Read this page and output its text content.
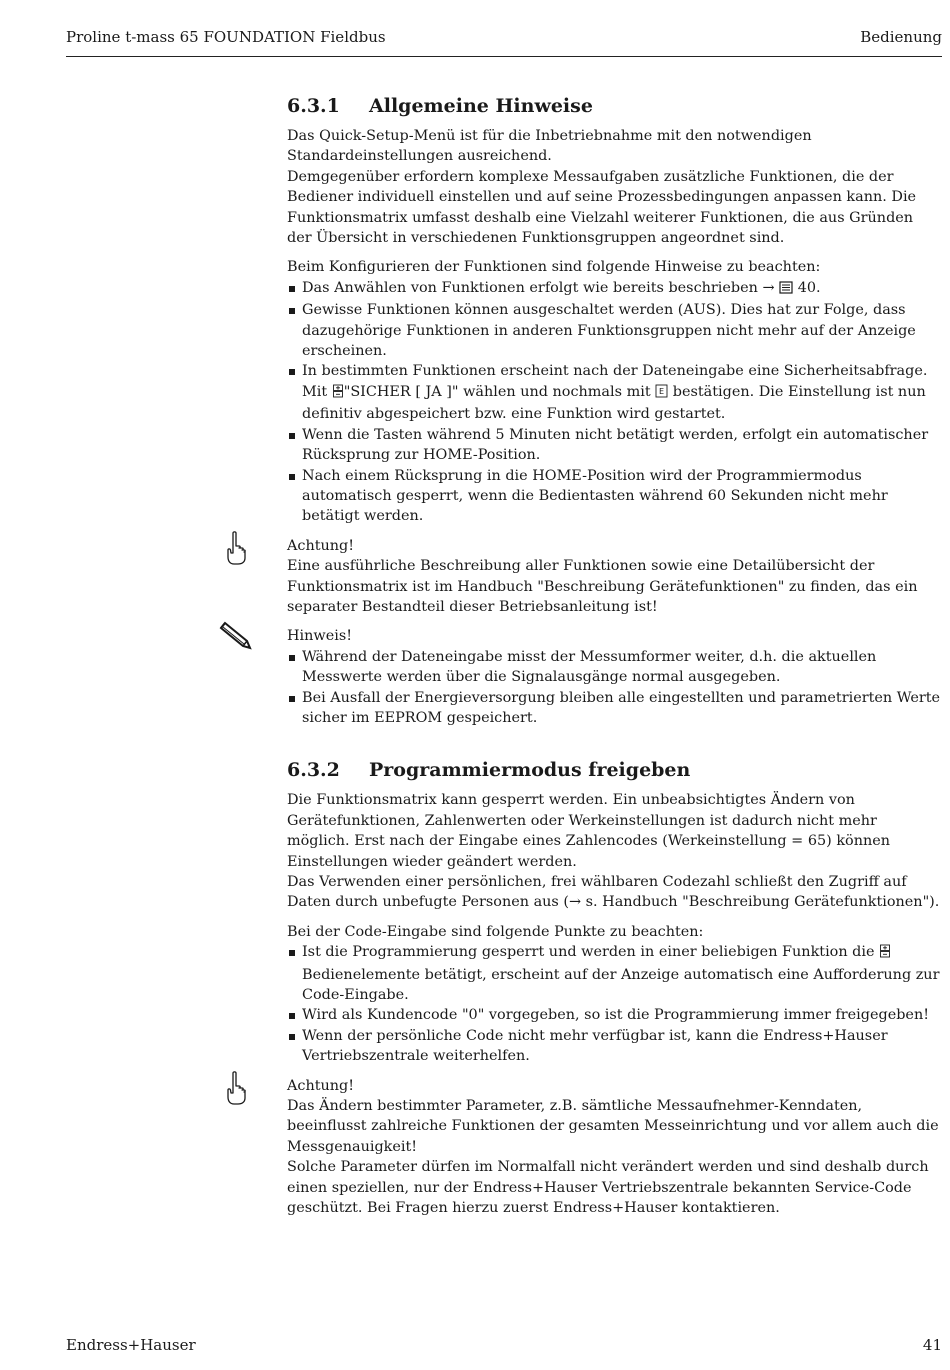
Proline t-mass 65 FOUNDATION Fieldbus	Bedienung
6.3.1 Allgemeine Hinweise

Das Quick-Setup-Menü ist für die Inbetriebnahme mit den notwendigen Standardeinstellungen ausreichend.

Demgegenüber erfordern komplexe Messaufgaben zusätzliche Funktionen, die der Bediener individuell einstellen und auf seine Prozessbedingungen anpassen kann. Die Funktionsmatrix umfasst deshalb eine Vielzahl weiterer Funktionen, die aus Gründen der Übersicht in verschiedenen Funktionsgruppen angeordnet sind.

Beim Konfigurieren der Funktionen sind folgende Hinweise zu beachten:

Das Anwählen von Funktionen erfolgt wie bereits beschrieben →  40.
Gewisse Funktionen können ausgeschaltet werden (AUS). Dies hat zur Folge, dass dazugehörige Funktionen in anderen Funktionsgruppen nicht mehr auf der Anzeige erscheinen.
In bestimmten Funktionen erscheint nach der Dateneingabe eine Sicherheitsabfrage. Mit "SICHER [ JA ]" wählen und nochmals mit E bestätigen. Die Einstellung ist nun definitiv abgespeichert bzw. eine Funktion wird gestartet.
Wenn die Tasten während 5 Minuten nicht betätigt werden, erfolgt ein automatischer Rücksprung zur HOME-Position.
Nach einem Rücksprung in die HOME-Position wird der Programmiermodus automatisch gesperrt, wenn die Bedientasten während 60 Sekunden nicht mehr betätigt werden.

Achtung!

Eine ausführliche Beschreibung aller Funktionen sowie eine Detailübersicht der Funktionsmatrix ist im Handbuch "Beschreibung Gerätefunktionen" zu finden, das ein separater Bestandteil dieser Betriebsanleitung ist!

Hinweis!

Während der Dateneingabe misst der Messumformer weiter, d.h. die aktuellen Messwerte werden über die Signalausgänge normal ausgegeben.
Bei Ausfall der Energieversorgung bleiben alle eingestellten und parametrierten Werte sicher im EEPROM gespeichert.
6.3.2 Programmiermodus freigeben

Die Funktionsmatrix kann gesperrt werden. Ein unbeabsichtigtes Ändern von Gerätefunktionen, Zahlenwerten oder Werkeinstellungen ist dadurch nicht mehr möglich. Erst nach der Eingabe eines Zahlencodes (Werkeinstellung = 65) können Einstellungen wieder geändert werden.

Das Verwenden einer persönlichen, frei wählbaren Codezahl schließt den Zugriff auf Daten durch unbefugte Personen aus (→ s. Handbuch "Beschreibung Gerätefunktionen").

Bei der Code-Eingabe sind folgende Punkte zu beachten:

Ist die Programmierung gesperrt und werden in einer beliebigen Funktion die  Bedienelemente betätigt, erscheint auf der Anzeige automatisch eine Aufforderung zur Code-Eingabe.
Wird als Kundencode "0" vorgegeben, so ist die Programmierung immer freigegeben!
Wenn der persönliche Code nicht mehr verfügbar ist, kann die Endress+Hauser Vertriebszentrale weiterhelfen.

Achtung!

Das Ändern bestimmter Parameter, z.B. sämtliche Messaufnehmer-Kenndaten, beeinflusst zahlreiche Funktionen der gesamten Messeinrichtung und vor allem auch die Messgenauigkeit!

Solche Parameter dürfen im Normalfall nicht verändert werden und sind deshalb durch einen speziellen, nur der Endress+Hauser Vertriebszentrale bekannten Service-Code geschützt. Bei Fragen hierzu zuerst Endress+Hauser kontaktieren.

Endress+Hauser	41
